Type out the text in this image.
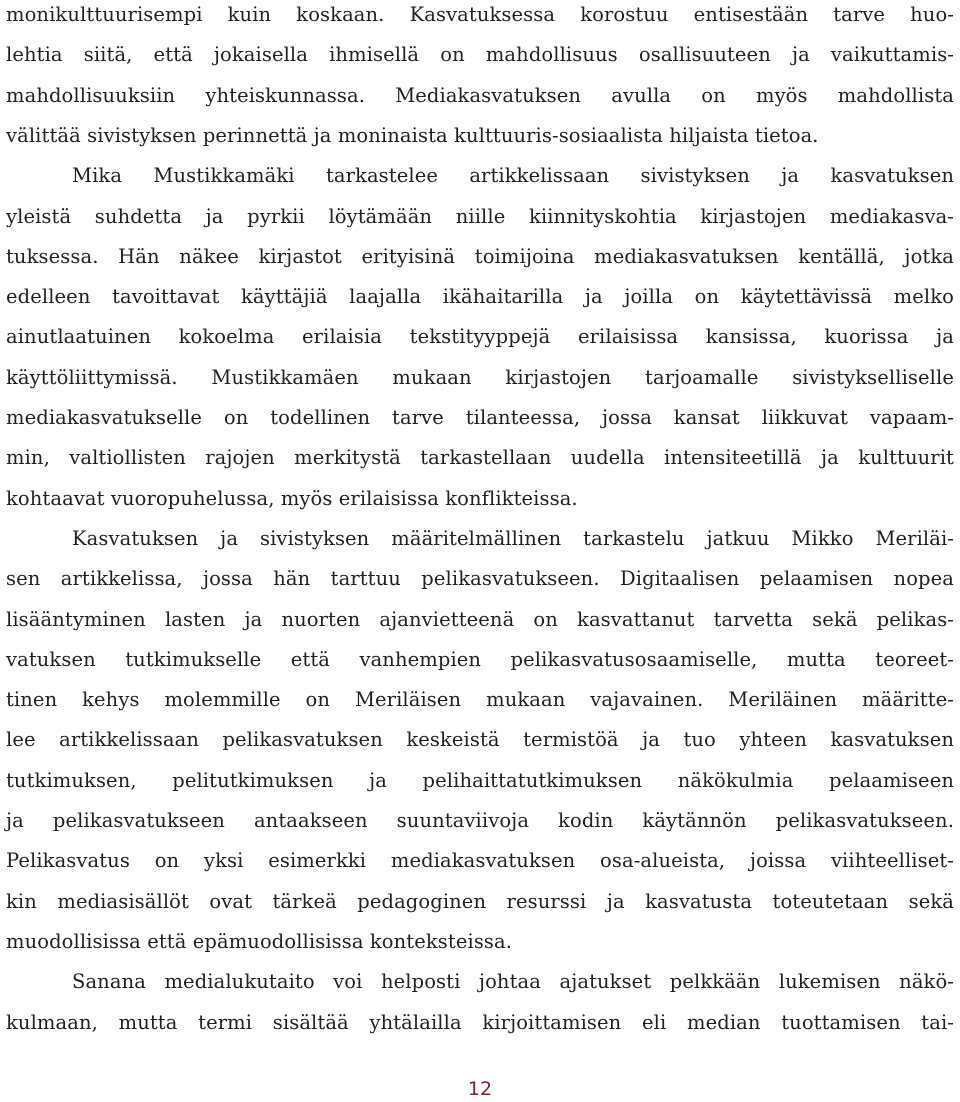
monikulttuurisempi kuin koskaan. Kasvatuksessa korostuu entisestään tarve huo-
lehtia siitä, että jokaisella ihmisellä on mahdollisuus osallisuuteen ja vaikuttamis-
mahdollisuuksiin yhteiskunnassa. Mediakasvatuksen avulla on myös mahdollista
välittää sivistyksen perinnettä ja moninaista kulttuuris-sosiaalista hiljaista tietoa.
Mika Mustikkamäki tarkastelee artikkelissaan sivistyksen ja kasvatuksen
yleistä suhdetta ja pyrkii löytämään niille kiinnityskohtia kirjastojen mediakasva-
tuksessa. Hän näkee kirjastot erityisinä toimijoina mediakasvatuksen kentällä, jotka
edelleen tavoittavat käyttäjiä laajalla ikähaitarilla ja joilla on käytettävissä melko
ainutlaatuinen kokoelma erilaisia tekstityyppejä erilaisissa kansissa, kuorissa ja
käyttöliittymissä. Mustikkamäen mukaan kirjastojen tarjoamalle sivistykselliselle
mediakasvatukselle on todellinen tarve tilanteessa, jossa kansat liikkuvat vapaam-
min, valtiollisten rajojen merkitystä tarkastellaan uudella intensiteetillä ja kulttuurit
kohtaavat vuoropuhelussa, myös erilaisissa konflikteissa.
Kasvatuksen ja sivistyksen määritelmällinen tarkastelu jatkuu Mikko Meriläi-
sen artikkelissa, jossa hän tarttuu pelikasvatukseen. Digitaalisen pelaamisen nopea
lisääntyminen lasten ja nuorten ajanvietteenä on kasvattanut tarvetta sekä pelikas-
vatuksen tutkimukselle että vanhempien pelikasvatusosaamiselle, mutta teoreet-
tinen kehys molemmille on Meriläisen mukaan vajavainen. Meriläinen määritte-
lee artikkelissaan pelikasvatuksen keskeistä termistöä ja tuo yhteen kasvatuksen
tutkimuksen, pelitutkimuksen ja pelihaittatutkimuksen näkökulmia pelaamiseen
ja pelikasvatukseen antaakseen suuntaviivoja kodin käytännön pelikasvatukseen.
Pelikasvatus on yksi esimerkki mediakasvatuksen osa-alueista, joissa viihteelliset-
kin mediasisällöt ovat tärkeä pedagoginen resurssi ja kasvatusta toteutetaan sekä
muodollisissa että epämuodollisissa konteksteissa.
Sanana medialukutaito voi helposti johtaa ajatukset pelkkään lukemisen näkö-
kulmaan, mutta termi sisältää yhtälailla kirjoittamisen eli median tuottamisen tai-
12
